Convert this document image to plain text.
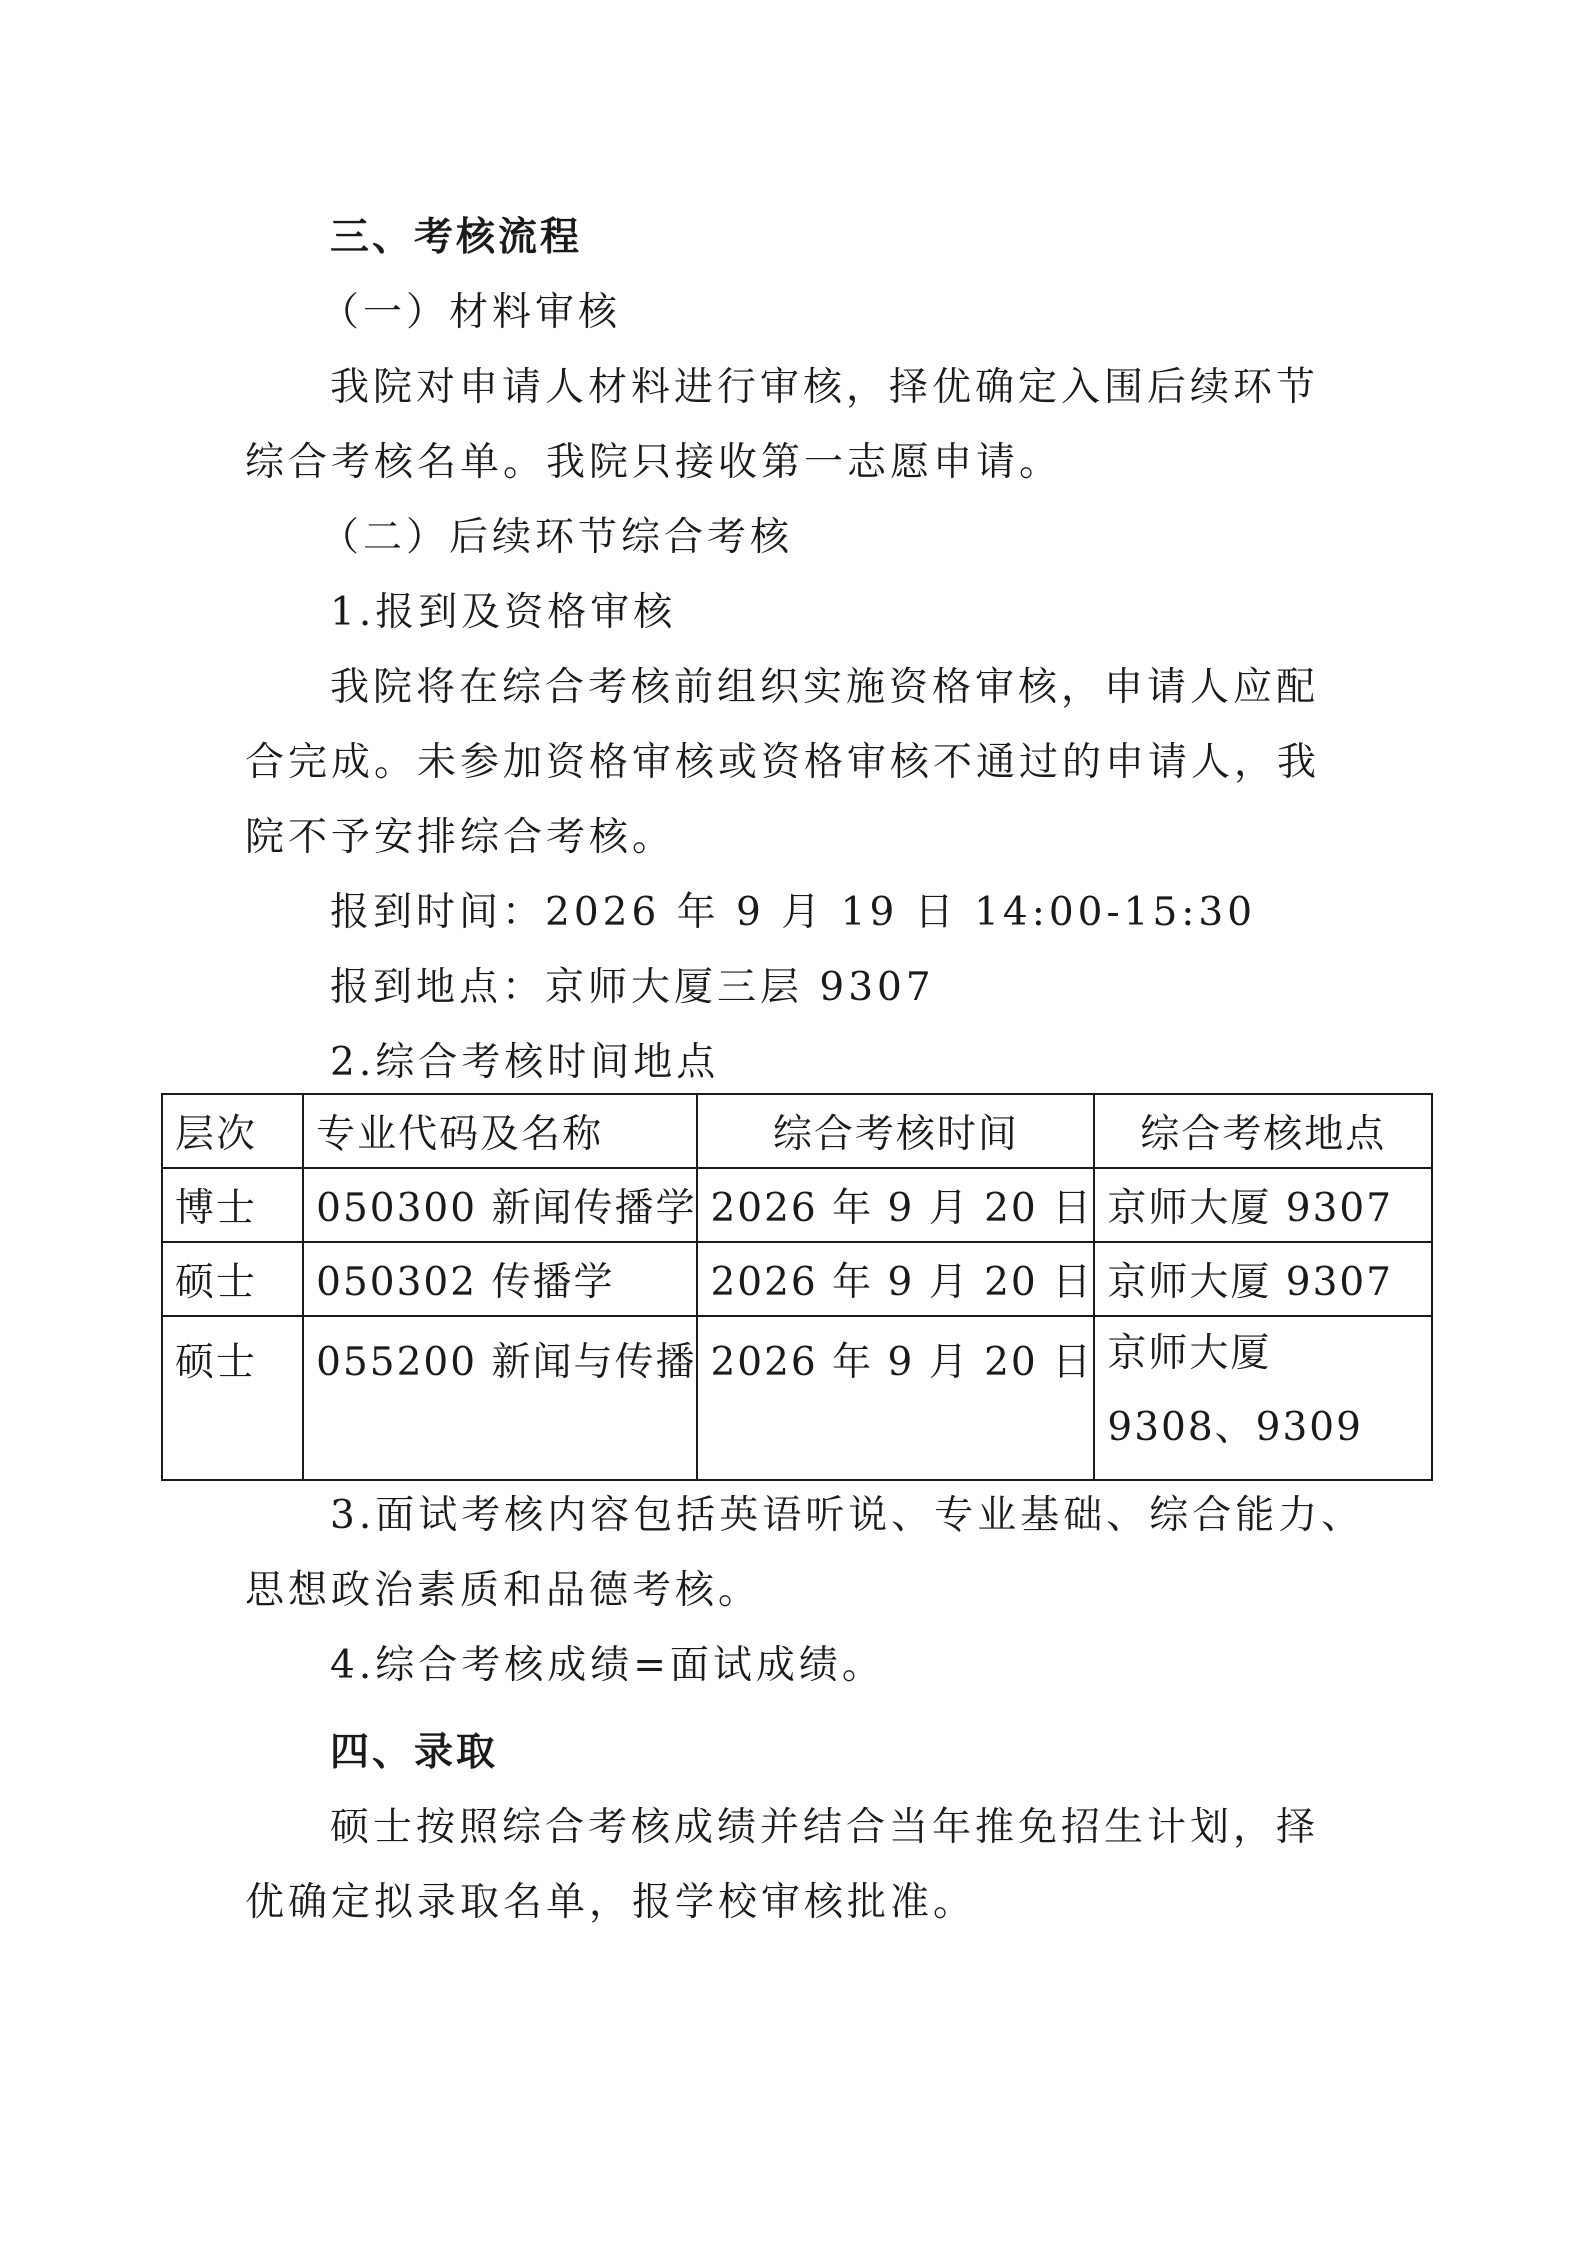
三、考核流程
（一）材料审核
我院对申请人材料进行审核，择优确定入围后续环节
综合考核名单。我院只接收第一志愿申请。
（二）后续环节综合考核
1.报到及资格审核
我院将在综合考核前组织实施资格审核，申请人应配
合完成。未参加资格审核或资格审核不通过的申请人，我
院不予安排综合考核。
报到时间：2026 年 9 月 19 日 14:00-15:30
报到地点：京师大厦三层 9307
2.综合考核时间地点
层次	专业代码及名称	综合考核时间	综合考核地点
博士	050300 新闻传播学	2026 年 9 月 20 日	京师大厦 9307
硕士	050302 传播学	2026 年 9 月 20 日	京师大厦 9307
硕士	055200 新闻与传播	2026 年 9 月 20 日	京师大厦 9308、9309
3.面试考核内容包括英语听说、专业基础、综合能力、
思想政治素质和品德考核。
4.综合考核成绩=面试成绩。
四、录取
硕士按照综合考核成绩并结合当年推免招生计划，择
优确定拟录取名单，报学校审核批准。
